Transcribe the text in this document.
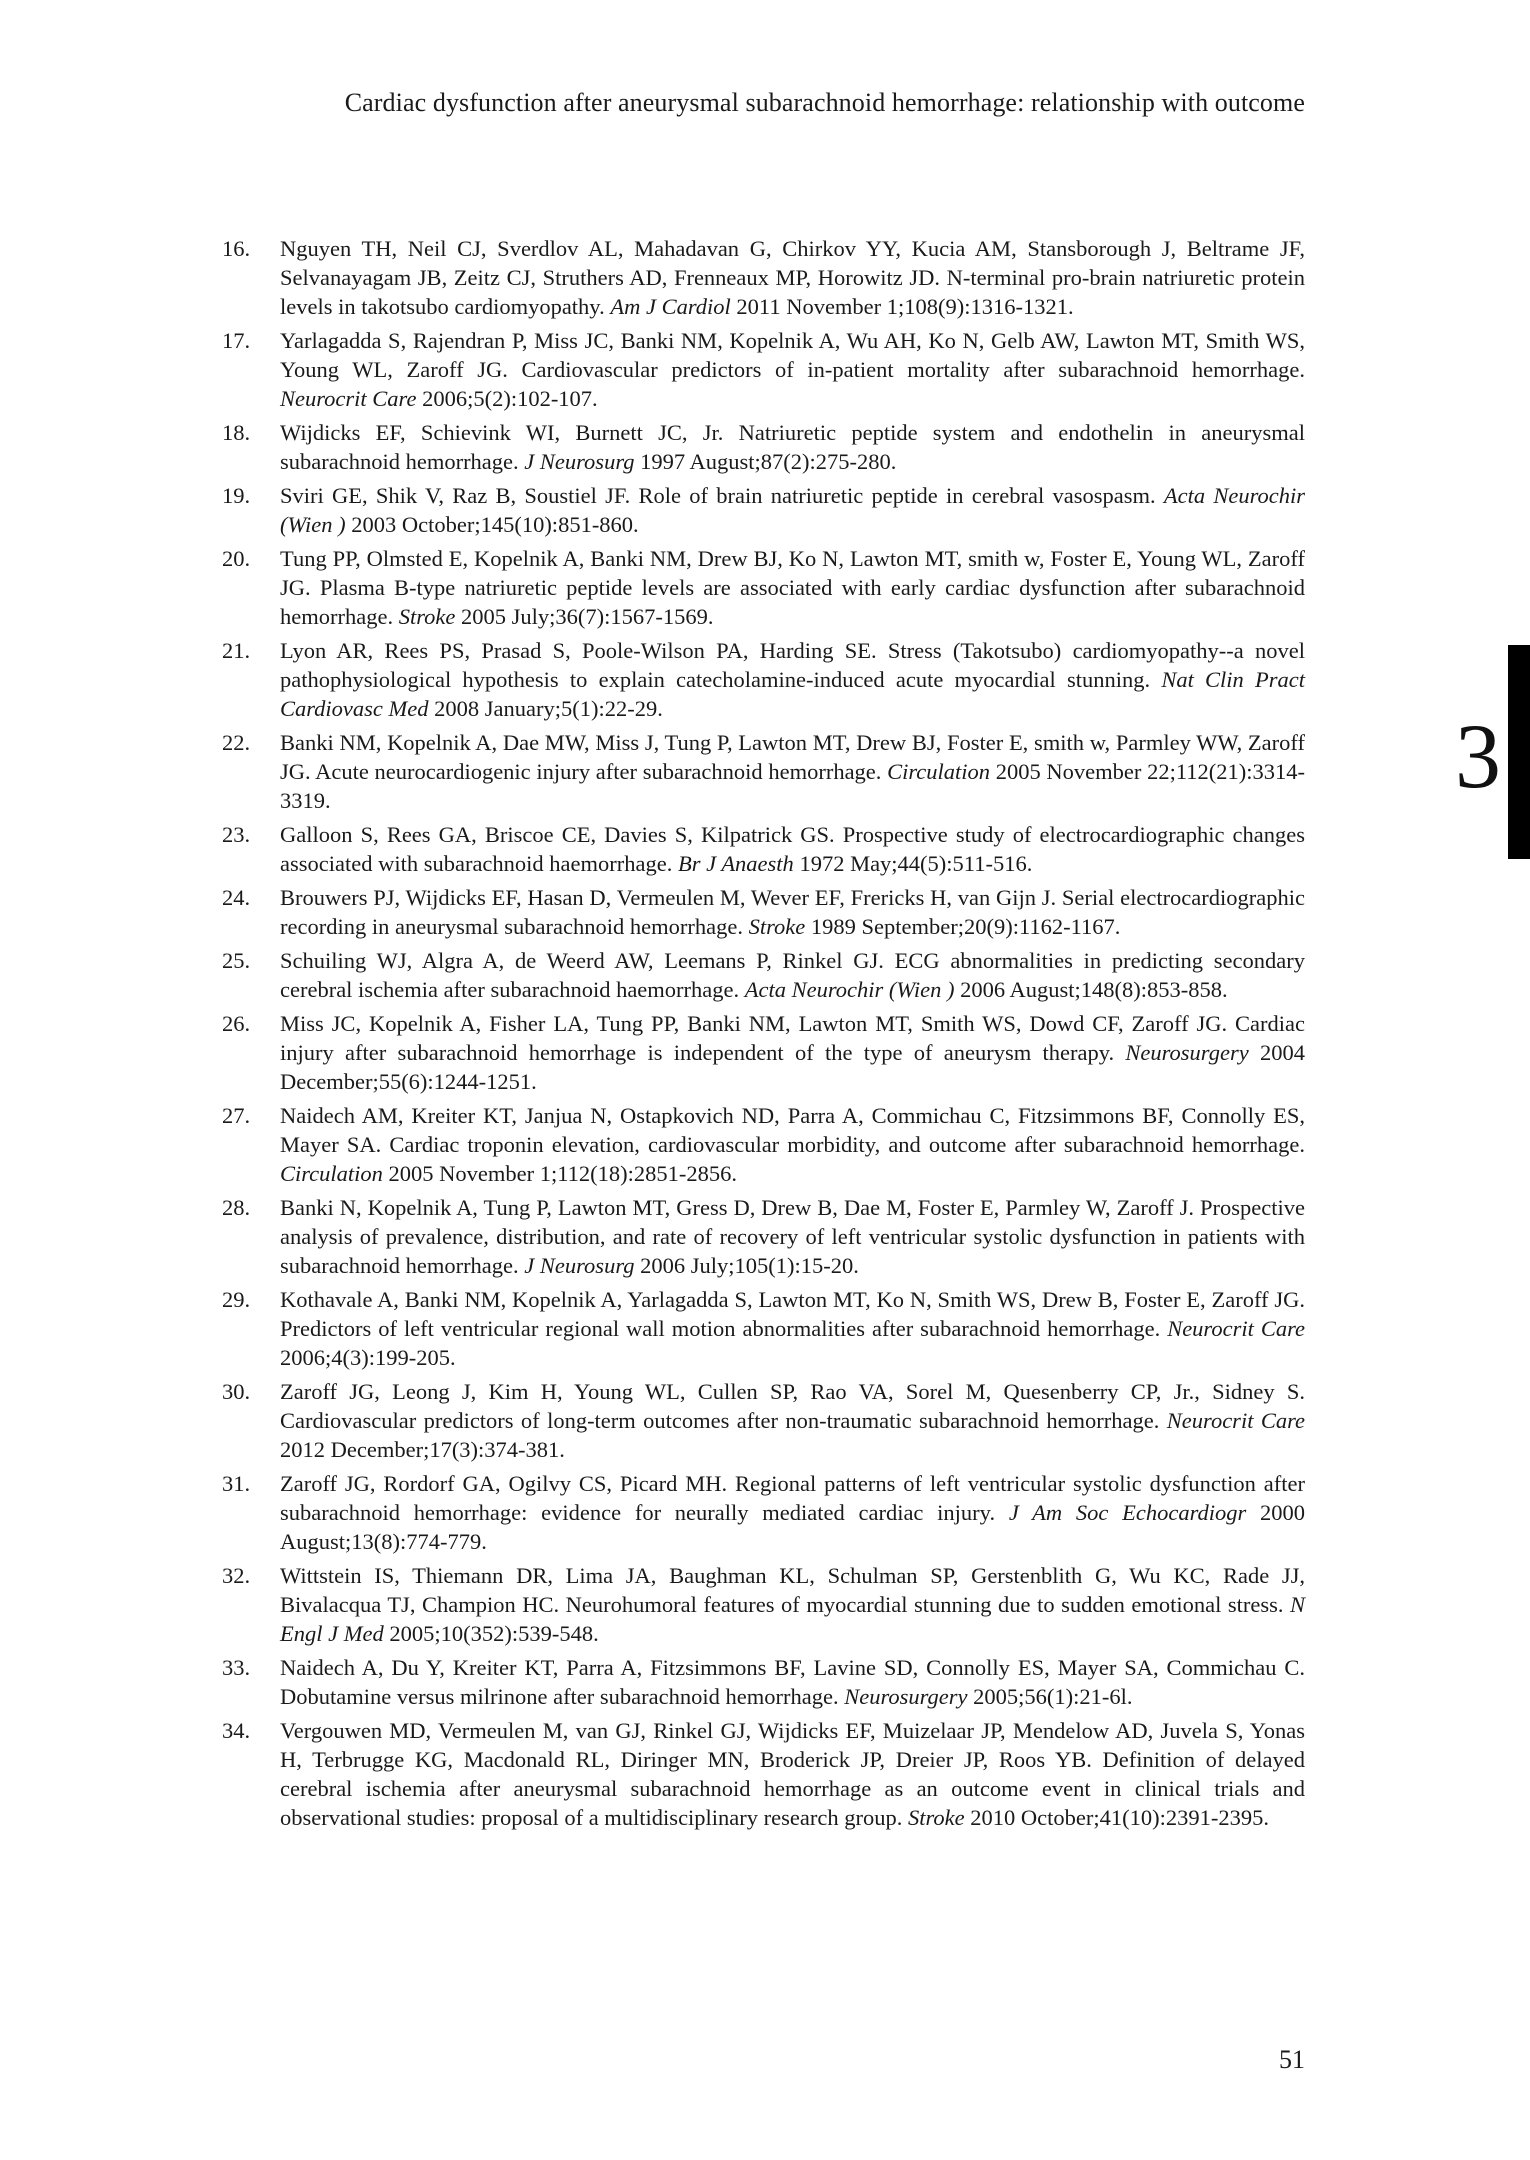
Cardiac dysfunction after aneurysmal subarachnoid hemorrhage: relationship with outcome
3
16. Nguyen TH, Neil CJ, Sverdlov AL, Mahadavan G, Chirkov YY, Kucia AM, Stansborough J, Beltrame JF, Selvanayagam JB, Zeitz CJ, Struthers AD, Frenneaux MP, Horowitz JD. N-terminal pro-brain natriuretic protein levels in takotsubo cardiomyopathy. Am J Cardiol 2011 November 1;108(9):1316-1321.
17. Yarlagadda S, Rajendran P, Miss JC, Banki NM, Kopelnik A, Wu AH, Ko N, Gelb AW, Lawton MT, Smith WS, Young WL, Zaroff JG. Cardiovascular predictors of in-patient mortality after subarachnoid hemorrhage. Neurocrit Care 2006;5(2):102-107.
18. Wijdicks EF, Schievink WI, Burnett JC, Jr. Natriuretic peptide system and endothelin in aneurysmal subarachnoid hemorrhage. J Neurosurg 1997 August;87(2):275-280.
19. Sviri GE, Shik V, Raz B, Soustiel JF. Role of brain natriuretic peptide in cerebral vasospasm. Acta Neurochir (Wien ) 2003 October;145(10):851-860.
20. Tung PP, Olmsted E, Kopelnik A, Banki NM, Drew BJ, Ko N, Lawton MT, smith w, Foster E, Young WL, Zaroff JG. Plasma B-type natriuretic peptide levels are associated with early cardiac dysfunction after subarachnoid hemorrhage. Stroke 2005 July;36(7):1567-1569.
21. Lyon AR, Rees PS, Prasad S, Poole-Wilson PA, Harding SE. Stress (Takotsubo) cardiomyopathy--a novel pathophysiological hypothesis to explain catecholamine-induced acute myocardial stunning. Nat Clin Pract Cardiovasc Med 2008 January;5(1):22-29.
22. Banki NM, Kopelnik A, Dae MW, Miss J, Tung P, Lawton MT, Drew BJ, Foster E, smith w, Parmley WW, Zaroff JG. Acute neurocardiogenic injury after subarachnoid hemorrhage. Circulation 2005 November 22;112(21):3314-3319.
23. Galloon S, Rees GA, Briscoe CE, Davies S, Kilpatrick GS. Prospective study of electrocardiographic changes associated with subarachnoid haemorrhage. Br J Anaesth 1972 May;44(5):511-516.
24. Brouwers PJ, Wijdicks EF, Hasan D, Vermeulen M, Wever EF, Frericks H, van Gijn J. Serial electrocardiographic recording in aneurysmal subarachnoid hemorrhage. Stroke 1989 September;20(9):1162-1167.
25. Schuiling WJ, Algra A, de Weerd AW, Leemans P, Rinkel GJ. ECG abnormalities in predicting secondary cerebral ischemia after subarachnoid haemorrhage. Acta Neurochir (Wien ) 2006 August;148(8):853-858.
26. Miss JC, Kopelnik A, Fisher LA, Tung PP, Banki NM, Lawton MT, Smith WS, Dowd CF, Zaroff JG. Cardiac injury after subarachnoid hemorrhage is independent of the type of aneurysm therapy. Neurosurgery 2004 December;55(6):1244-1251.
27. Naidech AM, Kreiter KT, Janjua N, Ostapkovich ND, Parra A, Commichau C, Fitzsimmons BF, Connolly ES, Mayer SA. Cardiac troponin elevation, cardiovascular morbidity, and outcome after subarachnoid hemorrhage. Circulation 2005 November 1;112(18):2851-2856.
28. Banki N, Kopelnik A, Tung P, Lawton MT, Gress D, Drew B, Dae M, Foster E, Parmley W, Zaroff J. Prospective analysis of prevalence, distribution, and rate of recovery of left ventricular systolic dysfunction in patients with subarachnoid hemorrhage. J Neurosurg 2006 July;105(1):15-20.
29. Kothavale A, Banki NM, Kopelnik A, Yarlagadda S, Lawton MT, Ko N, Smith WS, Drew B, Foster E, Zaroff JG. Predictors of left ventricular regional wall motion abnormalities after subarachnoid hemorrhage. Neurocrit Care 2006;4(3):199-205.
30. Zaroff JG, Leong J, Kim H, Young WL, Cullen SP, Rao VA, Sorel M, Quesenberry CP, Jr., Sidney S. Cardiovascular predictors of long-term outcomes after non-traumatic subarachnoid hemorrhage. Neurocrit Care 2012 December;17(3):374-381.
31. Zaroff JG, Rordorf GA, Ogilvy CS, Picard MH. Regional patterns of left ventricular systolic dysfunction after subarachnoid hemorrhage: evidence for neurally mediated cardiac injury. J Am Soc Echocardiogr 2000 August;13(8):774-779.
32. Wittstein IS, Thiemann DR, Lima JA, Baughman KL, Schulman SP, Gerstenblith G, Wu KC, Rade JJ, Bivalacqua TJ, Champion HC. Neurohumoral features of myocardial stunning due to sudden emotional stress. N Engl J Med 2005;10(352):539-548.
33. Naidech A, Du Y, Kreiter KT, Parra A, Fitzsimmons BF, Lavine SD, Connolly ES, Mayer SA, Commichau C. Dobutamine versus milrinone after subarachnoid hemorrhage. Neurosurgery 2005;56(1):21-6l.
34. Vergouwen MD, Vermeulen M, van GJ, Rinkel GJ, Wijdicks EF, Muizelaar JP, Mendelow AD, Juvela S, Yonas H, Terbrugge KG, Macdonald RL, Diringer MN, Broderick JP, Dreier JP, Roos YB. Definition of delayed cerebral ischemia after aneurysmal subarachnoid hemorrhage as an outcome event in clinical trials and observational studies: proposal of a multidisciplinary research group. Stroke 2010 October;41(10):2391-2395.
51
